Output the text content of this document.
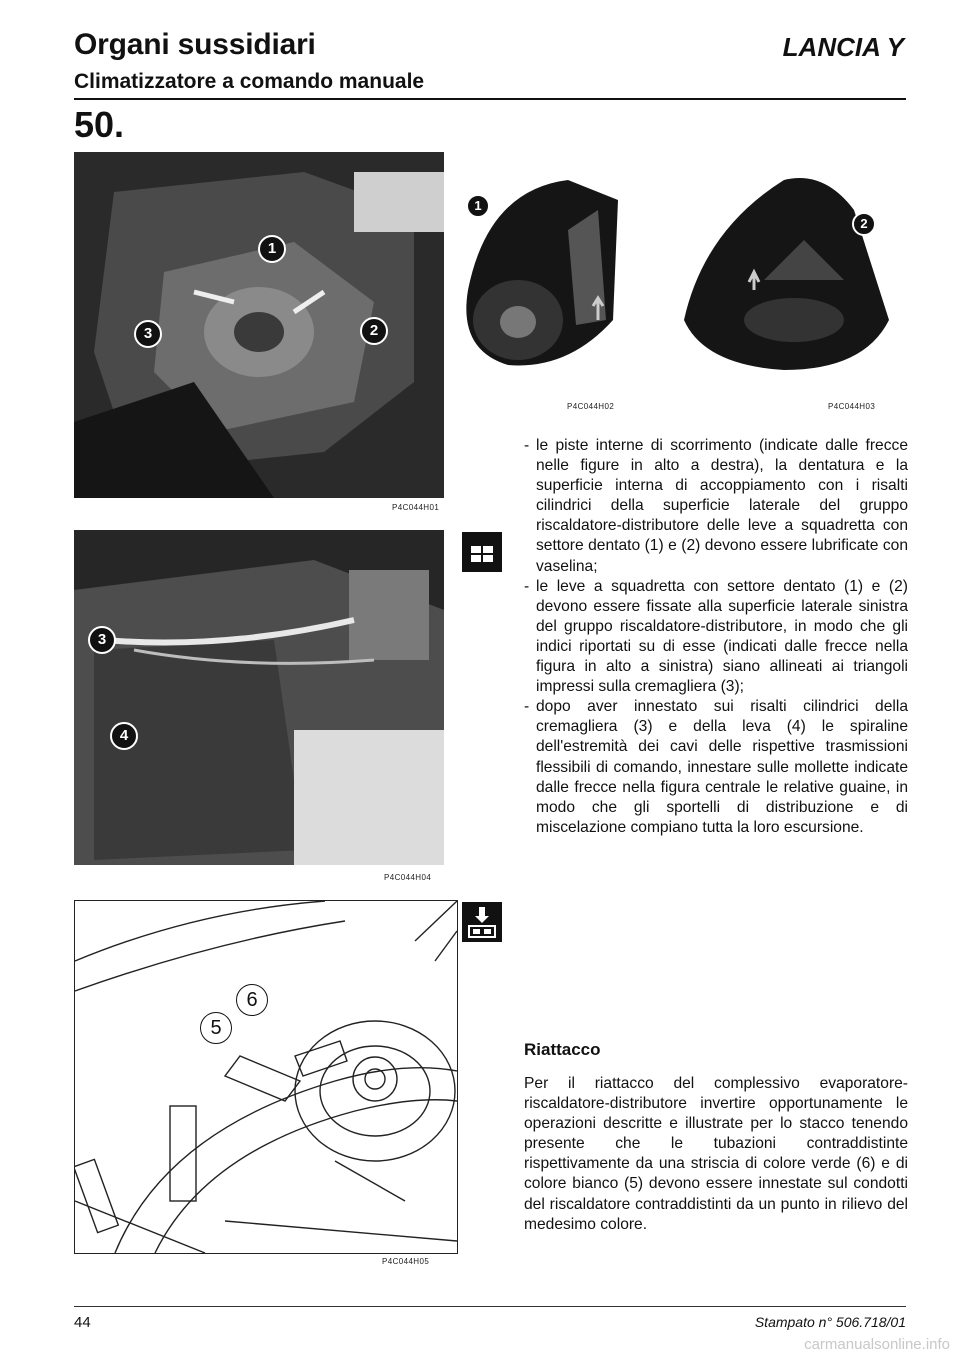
Organi sussidiari
Climatizzatore a comando manuale
LANCIA Y
50.
1
2
3
P4C044H01
1
P4C044H02
2
P4C044H03
3
4
P4C044H04
5
6
P4C044H05
- le piste interne di scorrimento (indicate dalle frecce nelle figure in alto a destra), la dentatura e la superficie interna di accoppiamento con i risalti cilindrici della superficie laterale del gruppo riscaldatore-distributore delle leve a squadretta con settore dentato (1) e (2) devono essere lubrificate con vaselina;
- le leve a squadretta con settore dentato (1) e (2) devono essere fissate alla superficie laterale sinistra del gruppo riscaldatore-distributore, in modo che gli indici riportati su di esse (indicati dalle frecce nella figura in alto a sinistra) siano allineati ai triangoli impressi sulla cremagliera (3);
- dopo aver innestato sui risalti cilindrici della cremagliera (3) e della leva (4) le spiraline dell'estremità dei cavi delle rispettive trasmissioni flessibili di comando, innestare sulle mollette indicate dalle frecce nella figura centrale le relative guaine, in modo che gli sportelli di distribuzione e di miscelazione compiano tutta la loro escursione.
Riattacco
Per il riattacco del complessivo evaporatore-riscaldatore-distributore invertire opportunamente le operazioni descritte e illustrate per lo stacco tenendo presente che le tubazioni contraddistinte rispettivamente da una striscia di colore verde (6) e di colore bianco (5) devono essere innestate sul condotti del riscaldatore contraddistinti da un punto in rilievo del medesimo colore.
44	Stampato n° 506.718/01
carmanualsonline.info
